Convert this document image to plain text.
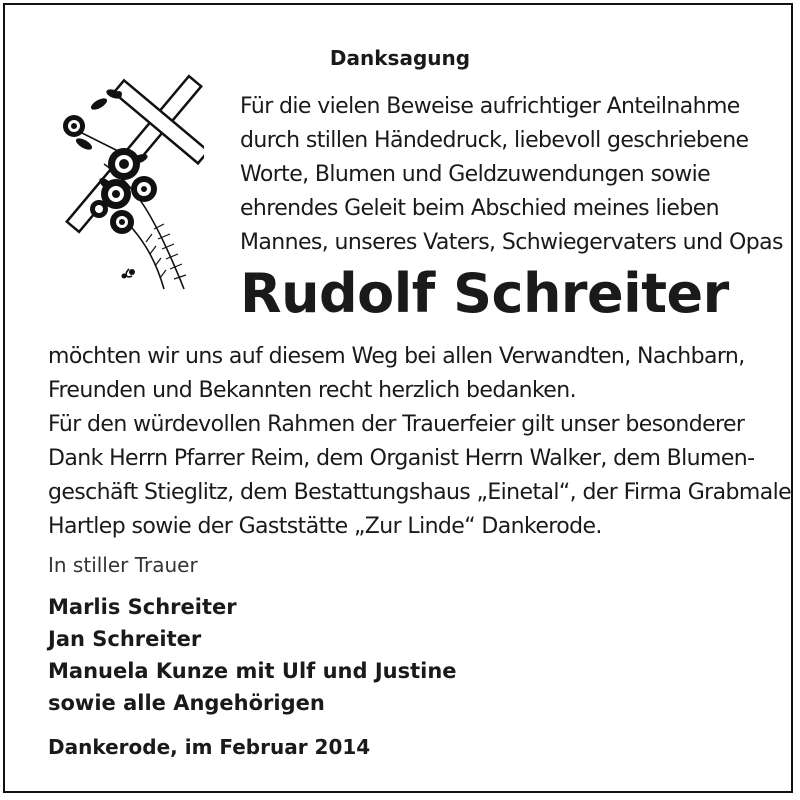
Danksagung
Für die vielen Beweise aufrichtiger Anteilnahme
durch stillen Händedruck, liebevoll geschriebene
Worte, Blumen und Geldzuwendungen sowie
ehrendes Geleit beim Abschied meines lieben
Mannes, unseres Vaters, Schwiegervaters und Opas
Rudolf Schreiter
möchten wir uns auf diesem Weg bei allen Verwandten, Nachbarn,
Freunden und Bekannten recht herzlich bedanken.
Für den würdevollen Rahmen der Trauerfeier gilt unser besonderer
Dank Herrn Pfarrer Reim, dem Organist Herrn Walker, dem Blumen-
geschäft Stieglitz, dem Bestattungshaus „Einetal“, der Firma Grabmale
Hartlep sowie der Gaststätte „Zur Linde“ Dankerode.
In stiller Trauer
Marlis Schreiter
Jan Schreiter
Manuela Kunze mit Ulf und Justine
sowie alle Angehörigen
Dankerode, im Februar 2014
